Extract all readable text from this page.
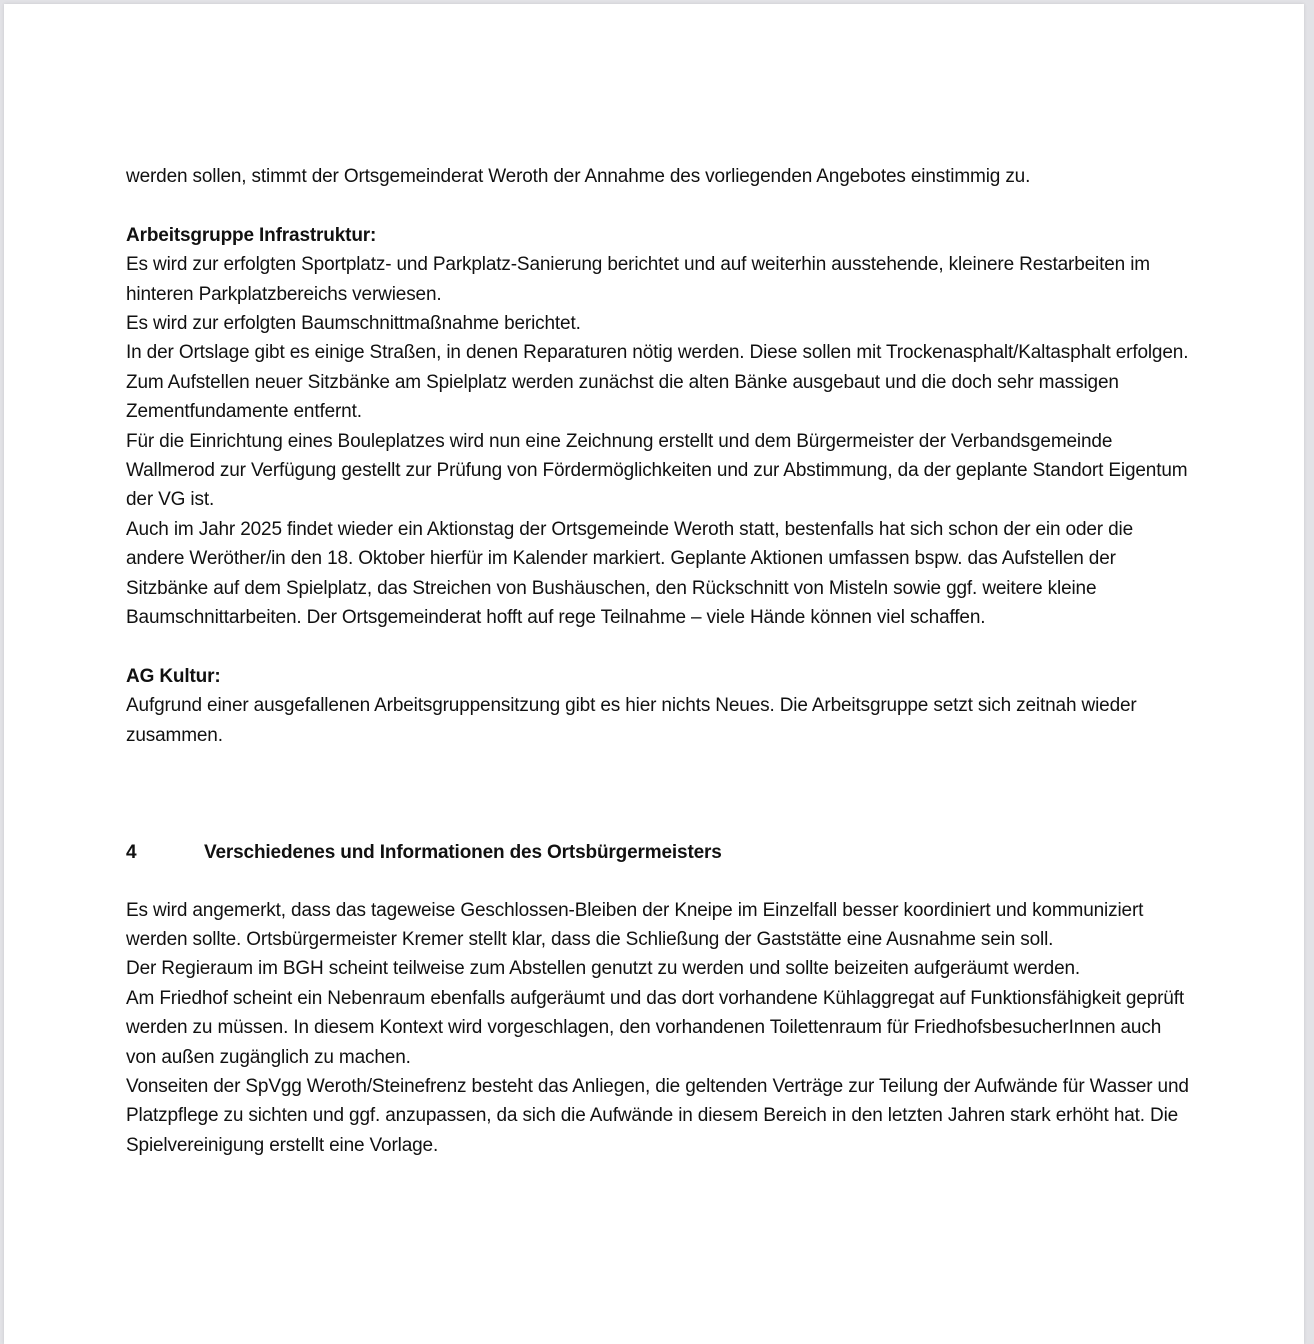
werden sollen, stimmt der Ortsgemeinderat Weroth der Annahme des vorliegenden Angebotes einstimmig zu.

Arbeitsgruppe Infrastruktur:

Es wird zur erfolgten Sportplatz- und Parkplatz-Sanierung berichtet und auf weiterhin ausstehende, kleinere Restarbeiten im hinteren Parkplatzbereichs verwiesen.

Es wird zur erfolgten Baumschnittmaßnahme berichtet.

In der Ortslage gibt es einige Straßen, in denen Reparaturen nötig werden. Diese sollen mit Trockenasphalt/Kaltasphalt erfolgen.

Zum Aufstellen neuer Sitzbänke am Spielplatz werden zunächst die alten Bänke ausgebaut und die doch sehr massigen Zementfundamente entfernt.

Für die Einrichtung eines Bouleplatzes wird nun eine Zeichnung erstellt und dem Bürgermeister der Verbandsgemeinde Wallmerod zur Verfügung gestellt zur Prüfung von Fördermöglichkeiten und zur Abstimmung, da der geplante Standort Eigentum der VG ist.

Auch im Jahr 2025 findet wieder ein Aktionstag der Ortsgemeinde Weroth statt, bestenfalls hat sich schon der ein oder die andere Weröther/in den 18. Oktober hierfür im Kalender markiert. Geplante Aktionen umfassen bspw. das Aufstellen der Sitzbänke auf dem Spielplatz, das Streichen von Bushäuschen, den Rückschnitt von Misteln sowie ggf. weitere kleine Baumschnittarbeiten. Der Ortsgemeinderat hofft auf rege Teilnahme – viele Hände können viel schaffen.

AG Kultur:

Aufgrund einer ausgefallenen Arbeitsgruppensitzung gibt es hier nichts Neues. Die Arbeitsgruppe setzt sich zeitnah wieder zusammen.

4	Verschiedenes und Informationen des Ortsbürgermeisters

Es wird angemerkt, dass das tageweise Geschlossen-Bleiben der Kneipe im Einzelfall besser koordiniert und kommuniziert werden sollte. Ortsbürgermeister Kremer stellt klar, dass die Schließung der Gaststätte eine Ausnahme sein soll.

Der Regieraum im BGH scheint teilweise zum Abstellen genutzt zu werden und sollte beizeiten aufgeräumt werden.

Am Friedhof scheint ein Nebenraum ebenfalls aufgeräumt und das dort vorhandene Kühlaggregat auf Funktionsfähigkeit geprüft werden zu müssen. In diesem Kontext wird vorgeschlagen, den vorhandenen Toilettenraum für FriedhofsbesucherInnen auch von außen zugänglich zu machen.

Vonseiten der SpVgg Weroth/Steinefrenz besteht das Anliegen, die geltenden Verträge zur Teilung der Aufwände für Wasser und Platzpflege zu sichten und ggf. anzupassen, da sich die Aufwände in diesem Bereich in den letzten Jahren stark erhöht hat. Die Spielvereinigung erstellt eine Vorlage.
